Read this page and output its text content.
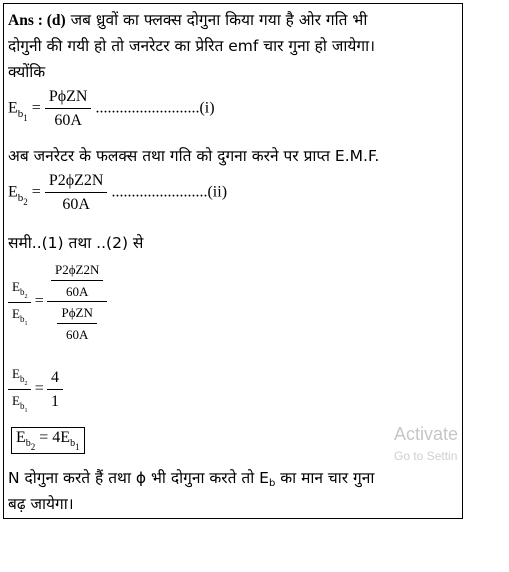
Ans : (d) जब ध्रुवों का फ्लक्स दोगुना किया गया है ओर गति भी
दोगुनी की गयी हो तो जनरेटर का प्रेरित emf चार गुना हो जायेगा।
क्योंकि
$E_{b_1} = \frac{\text{PϕZN}}{60A} ..........................(i)$
अब जनरेटर के फलक्स तथा गति को दुगना करने पर प्राप्त E.M.F.
$E_{b_2} = \frac{P2\phi Z2N}{60A} ........................(ii)$
समी..(1) तथा ..(2) से
$\frac{E_{b_2}}{E_{b_1}} = \frac{\frac{P2\phi Z2N}{60A}}{\frac{\text{PϕZN}}{60A}}$
$\frac{E_{b_2}}{E_{b_1}} = \frac{4}{1}$
$E_{b_2} = 4E_{b_1}$
Activate
Go to Settin
N दोगुना करते हैं तथा ϕ भी दोगुना करते तो $E_b$ का मान चार गुना
बढ़ जायेगा।
